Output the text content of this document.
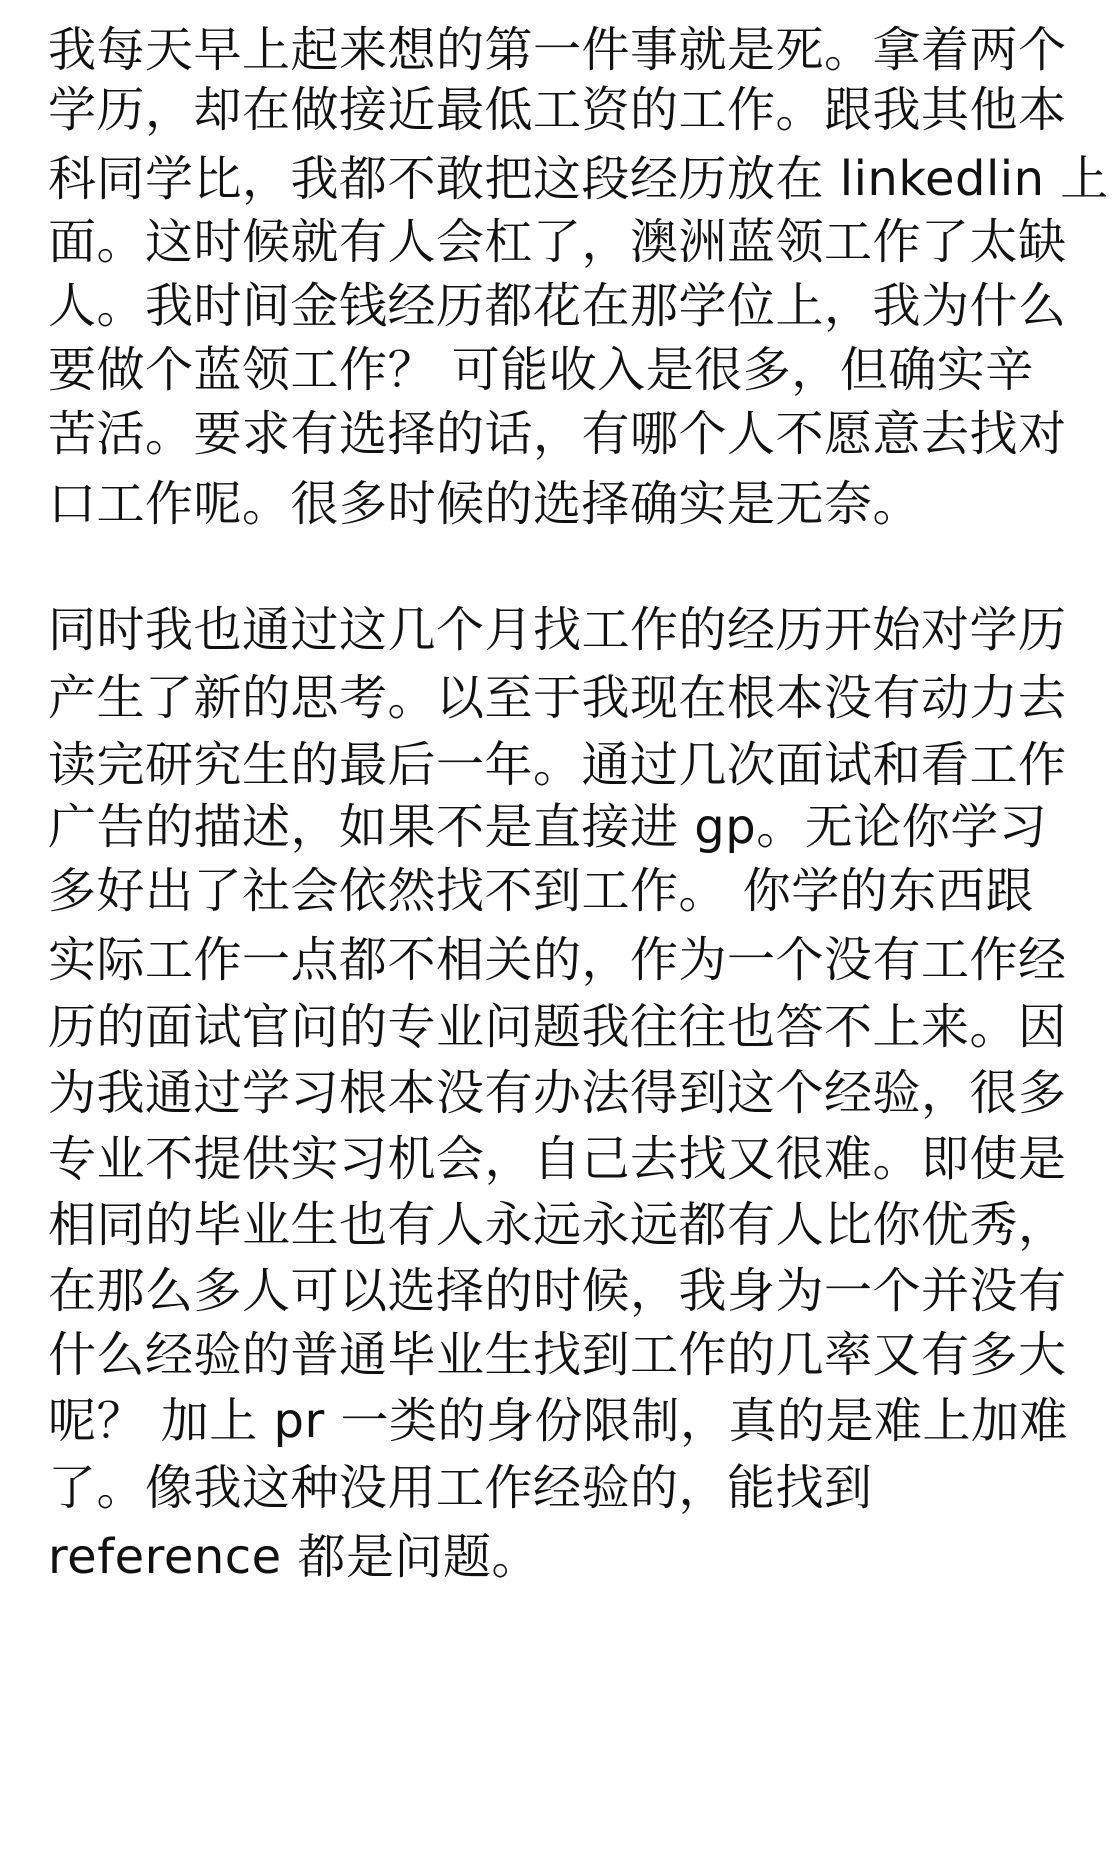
我每天早上起来想的第一件事就是死。拿着两个
学历，却在做接近最低工资的工作。跟我其他本
科同学比，我都不敢把这段经历放在 linkedlin 上
面。这时候就有人会杠了，澳洲蓝领工作了太缺
人。我时间金钱经历都花在那学位上，我为什么
要做个蓝领工作？ 可能收入是很多，但确实辛
苦活。要求有选择的话，有哪个人不愿意去找对
口工作呢。很多时候的选择确实是无奈。
同时我也通过这几个月找工作的经历开始对学历
产生了新的思考。以至于我现在根本没有动力去
读完研究生的最后一年。通过几次面试和看工作
广告的描述，如果不是直接进 gp。无论你学习
多好出了社会依然找不到工作。 你学的东西跟
实际工作一点都不相关的，作为一个没有工作经
历的面试官问的专业问题我往往也答不上来。因
为我通过学习根本没有办法得到这个经验，很多
专业不提供实习机会，自己去找又很难。即使是
相同的毕业生也有人永远永远都有人比你优秀，
在那么多人可以选择的时候，我身为一个并没有
什么经验的普通毕业生找到工作的几率又有多大
呢？ 加上 pr 一类的身份限制，真的是难上加难
了。像我这种没用工作经验的，能找到
reference 都是问题。
